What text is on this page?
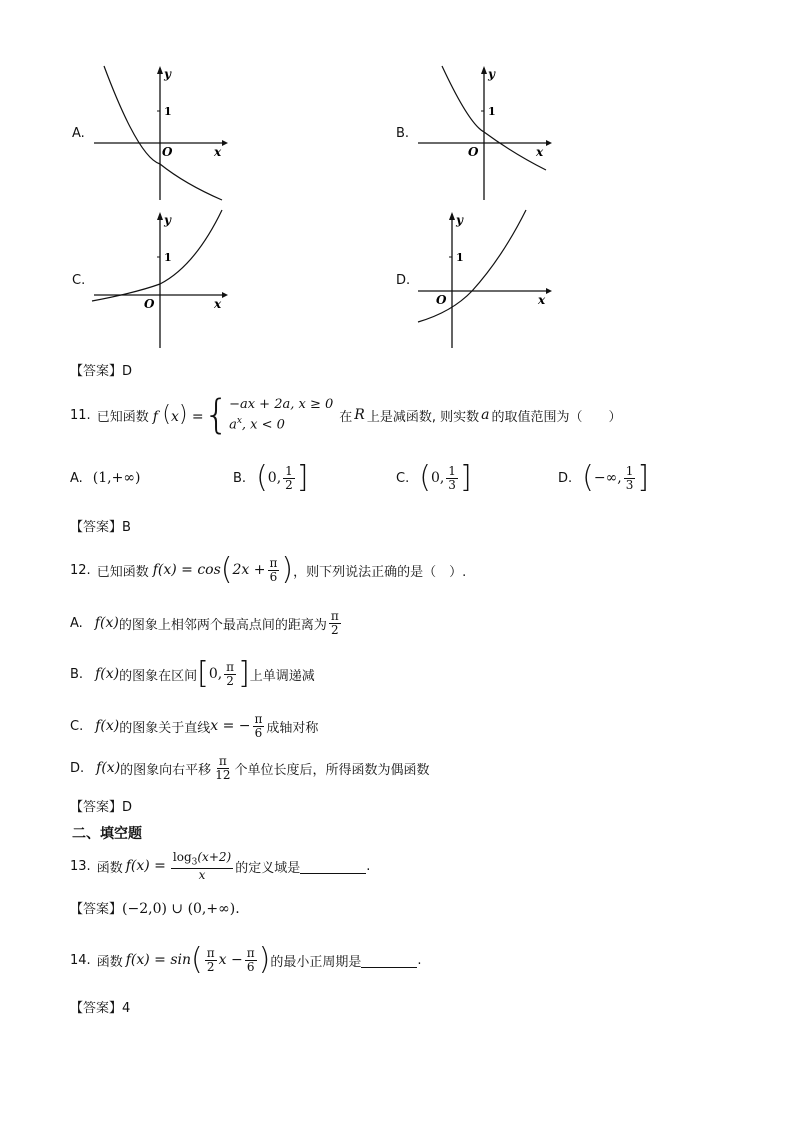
A.
y
1
O	x
B.
y
1
O	x
C.
y
1
O	x
D.
y
1
O	x
【答案】D
11. 已知函数 f (x) = { −ax + 2a, x ≥ 0
$a^x$, x < 0
在 R 上是减函数, 则实数 a 的取值范围为（　　）
A. (1,+∞)	B. ( 0, $\frac{1}{2}$ ]	C. ( 0, $\frac{1}{3}$ ]	D. ( −∞, $\frac{1}{3}$ ]
【答案】B
12. 已知函数 f(x) = cos ( $2x + \frac{\pi}{6}$ ) ，则下列说法正确的是（　）.
A. f(x) 的图象上相邻两个最高点间的距离为 $\frac{\pi}{2}$
B. f(x) 的图象在区间 [ 0, $\frac{\pi}{2}$ ] 上单调递减
C. f(x) 的图象关于直线 x = − $\frac{\pi}{6}$ 成轴对称
D. f(x) 的图象向右平移 $\frac{\pi}{12}$ 个单位长度后，所得函数为偶函数
【答案】D
二、填空题
13. 函数 $f(x) = \frac{\log_3(x+2)}{x}$ 的定义域是	.
【答案】(−2,0) ∪ (0,+∞).
14. 函数 f(x) = sin ( $\frac{\pi}{2}$ $x - \frac{\pi}{6}$ ) 的最小正周期是	.
【答案】4
